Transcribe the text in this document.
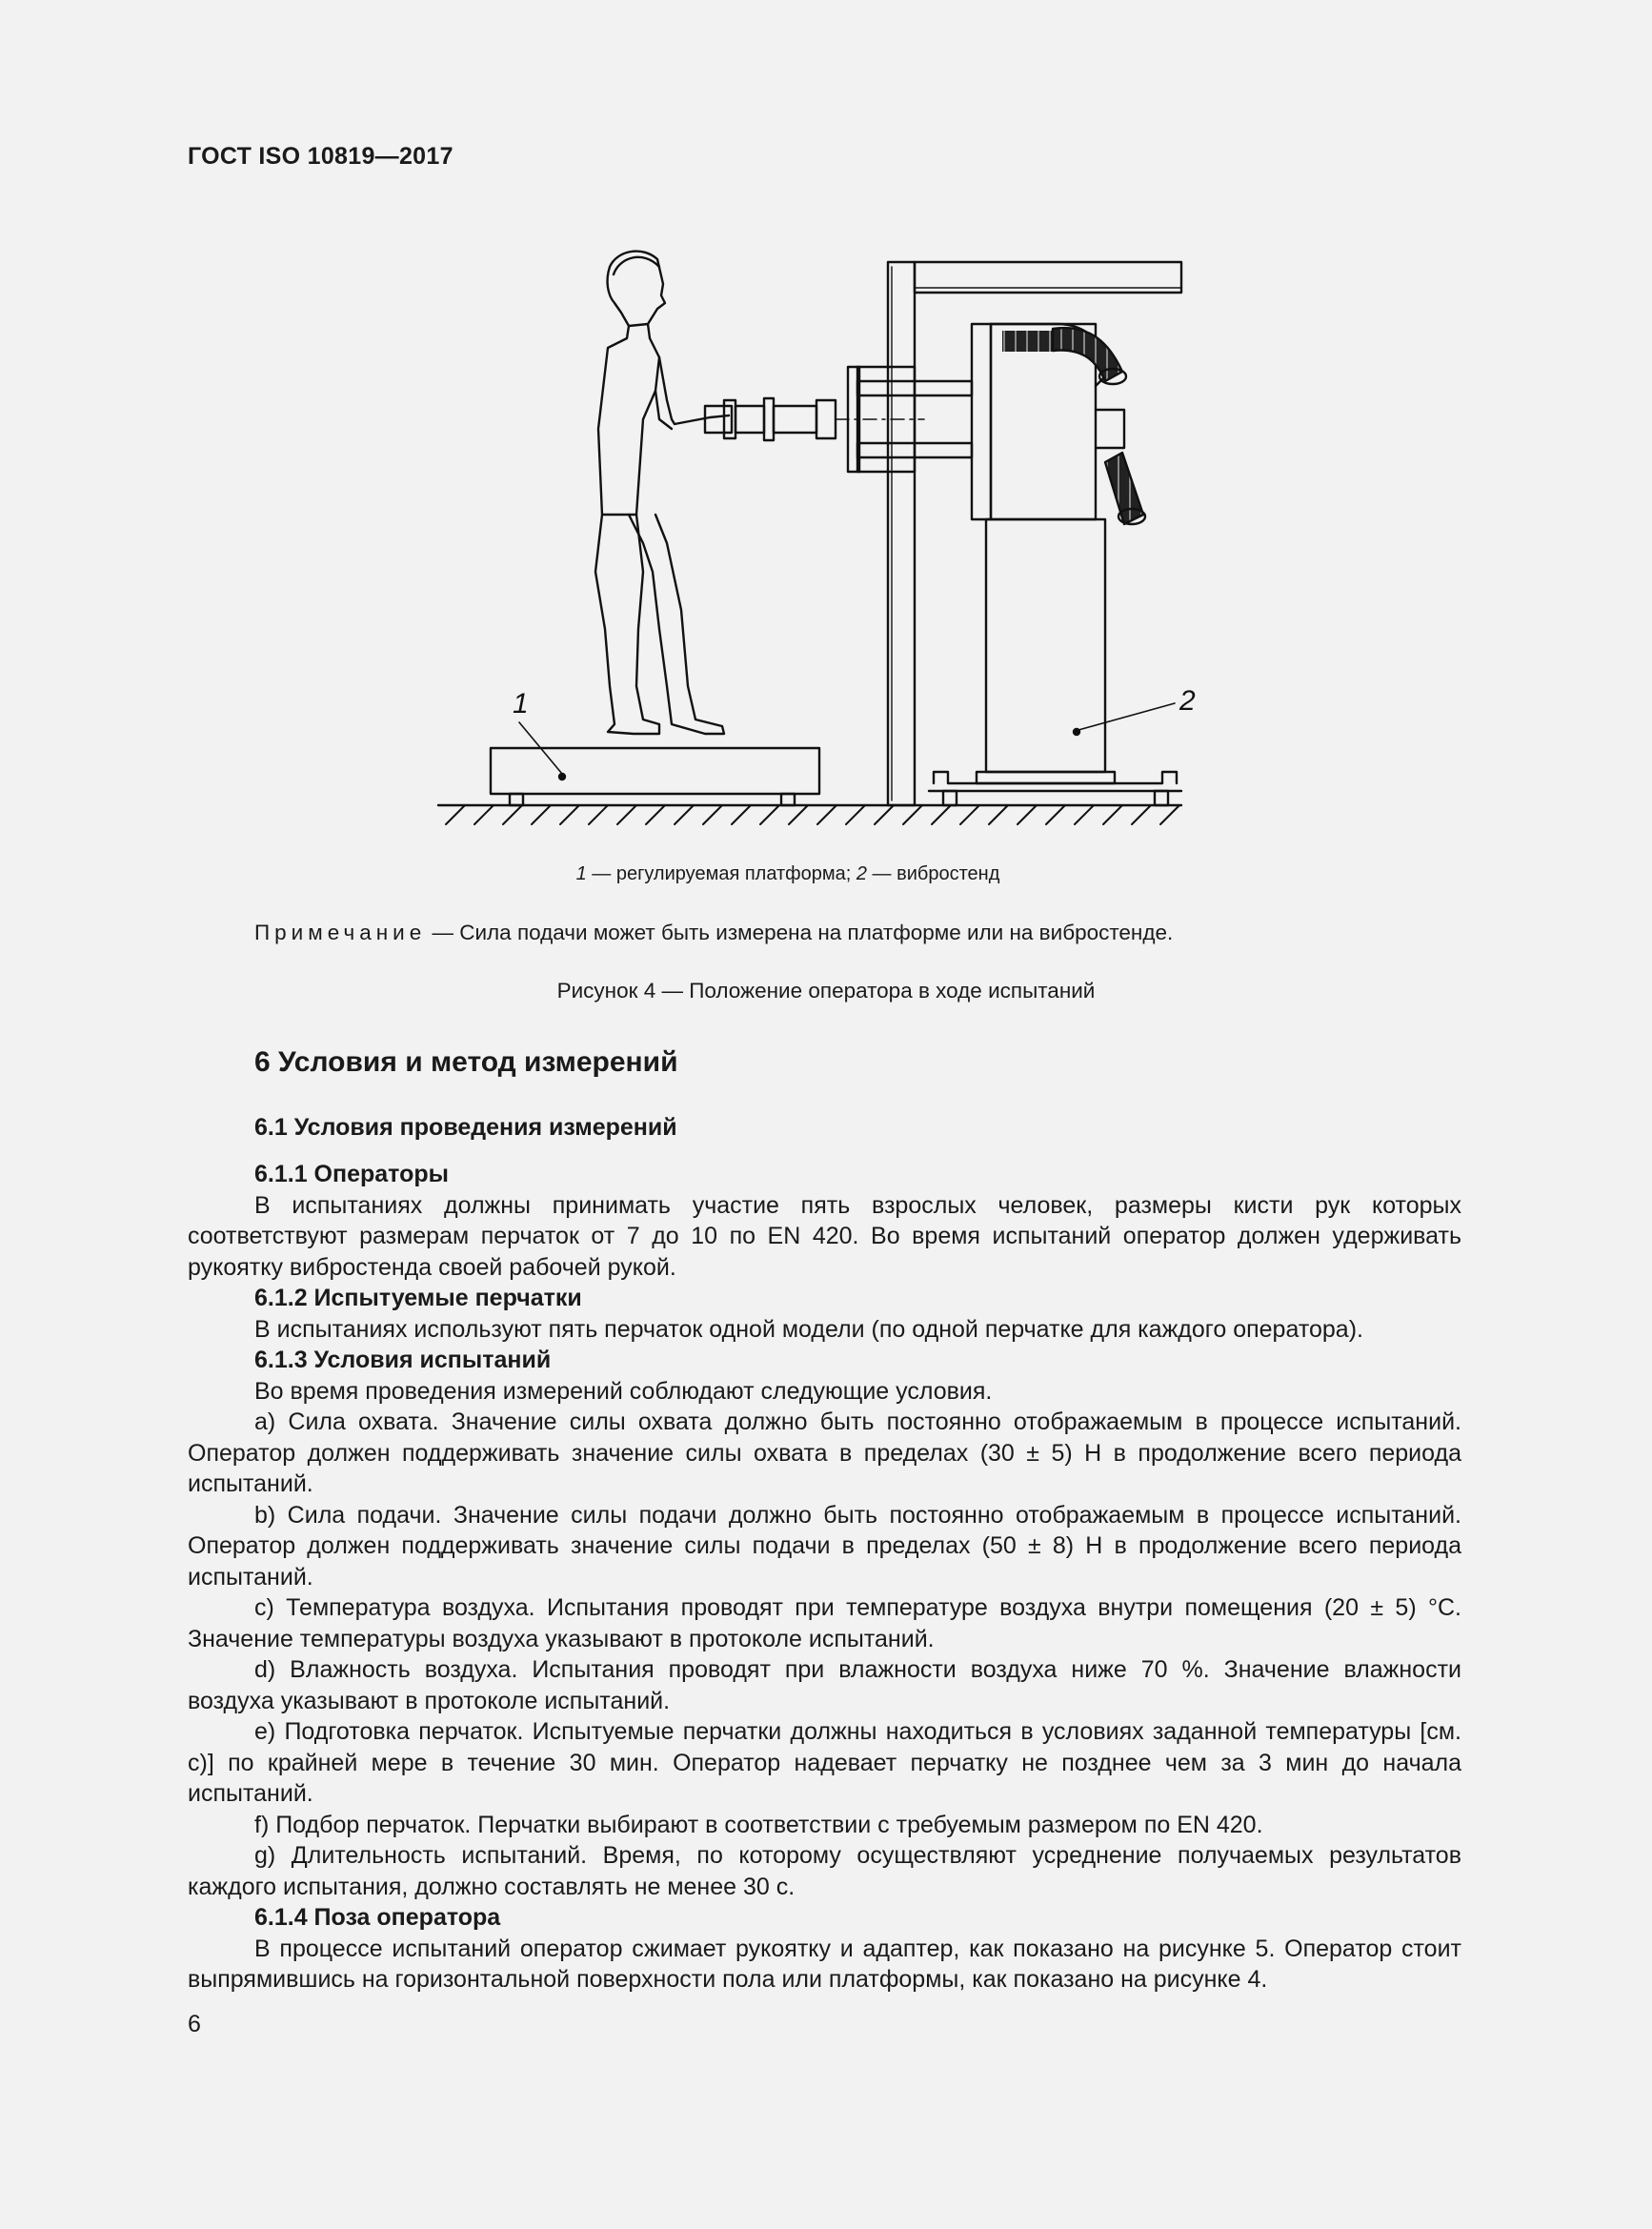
ГОСТ ISO 10819—2017
1	2
1 — регулируемая платформа; 2 — вибростенд
Примечание — Сила подачи может быть измерена на платформе или на вибростенде.
Рисунок 4 — Положение оператора в ходе испытаний
6 Условия и метод измерений
6.1 Условия проведения измерений
6.1.1 Операторы

В испытаниях должны принимать участие пять взрослых человек, размеры кисти рук которых соответствуют размерам перчаток от 7 до 10 по EN 420. Во время испытаний оператор должен удерживать рукоятку вибростенда своей рабочей рукой.

6.1.2 Испытуемые перчатки

В испытаниях используют пять перчаток одной модели (по одной перчатке для каждого оператора).

6.1.3 Условия испытаний

Во время проведения измерений соблюдают следующие условия.

a) Сила охвата. Значение силы охвата должно быть постоянно отображаемым в процессе испытаний. Оператор должен поддерживать значение силы охвата в пределах (30 ± 5) Н в продолжение всего периода испытаний.

b) Сила подачи. Значение силы подачи должно быть постоянно отображаемым в процессе испытаний. Оператор должен поддерживать значение силы подачи в пределах (50 ± 8) Н в продолжение всего периода испытаний.

c) Температура воздуха. Испытания проводят при температуре воздуха внутри помещения (20 ± 5) °С. Значение температуры воздуха указывают в протоколе испытаний.

d) Влажность воздуха. Испытания проводят при влажности воздуха ниже 70 %. Значение влажности воздуха указывают в протоколе испытаний.

e) Подготовка перчаток. Испытуемые перчатки должны находиться в условиях заданной температуры [см. c)] по крайней мере в течение 30 мин. Оператор надевает перчатку не позднее чем за 3 мин до начала испытаний.

f) Подбор перчаток. Перчатки выбирают в соответствии с требуемым размером по EN 420.

g) Длительность испытаний. Время, по которому осуществляют усреднение получаемых результатов каждого испытания, должно составлять не менее 30 с.

6.1.4 Поза оператора

В процессе испытаний оператор сжимает рукоятку и адаптер, как показано на рисунке 5. Оператор стоит выпрямившись на горизонтальной поверхности пола или платформы, как показано на рисунке 4.

6
